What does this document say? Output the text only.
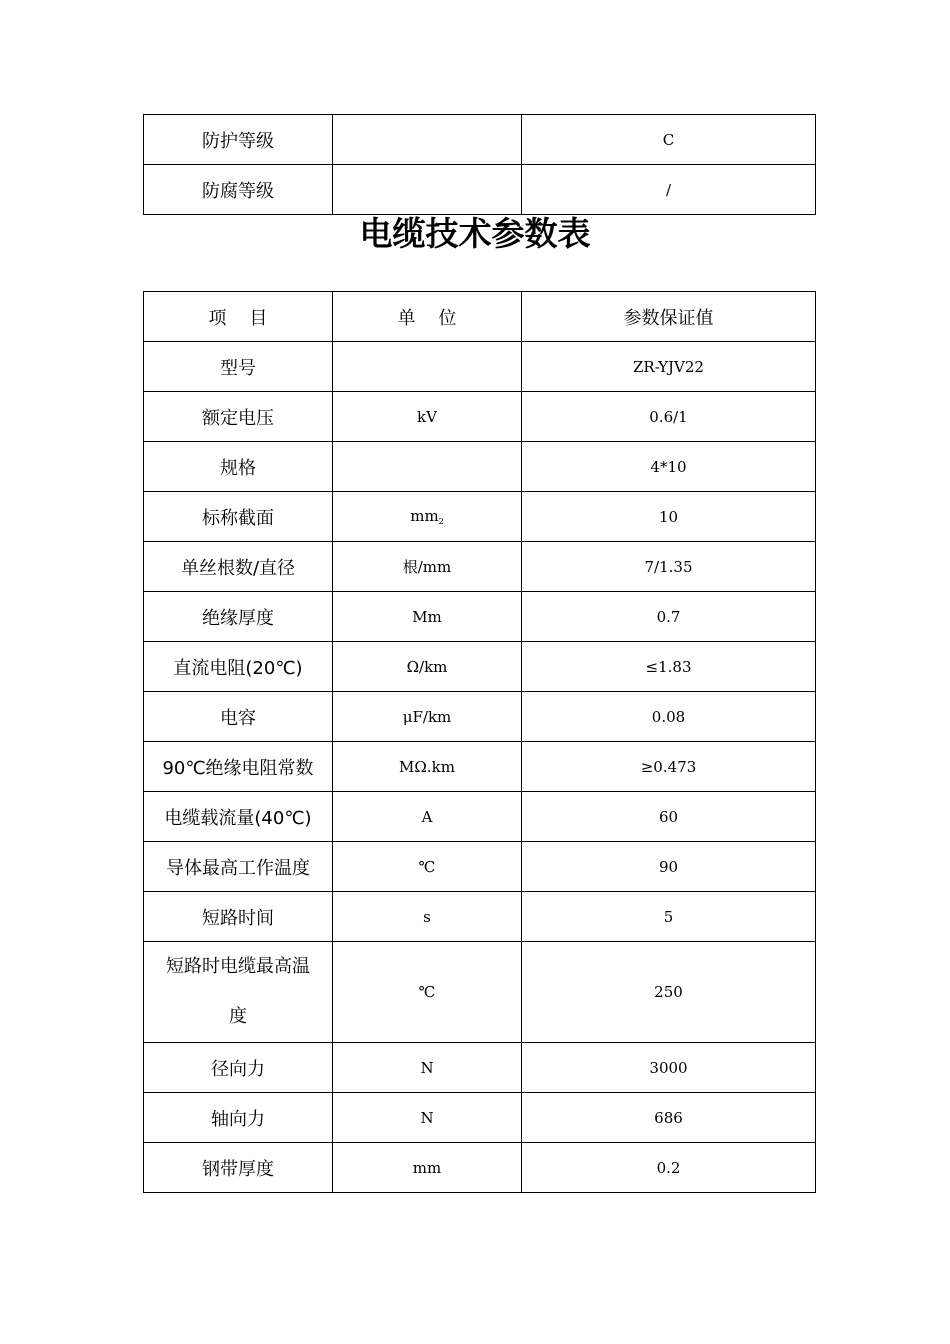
防护等级		C
防腐等级		/
电缆技术参数表
项    目	单    位	参数保证值
型号		ZR-YJV22
额定电压	kV	0.6/1
规格		4*10
标称截面	$mm_2$	10
单丝根数/直径	根/mm	7/1.35
绝缘厚度	Mm	0.7
直流电阻(20℃)	Ω/km	≤1.83
电容	μF/km	0.08
90℃绝缘电阻常数	MΩ.km	≥0.473
电缆载流量(40℃)	A	60
导体最高工作温度	℃	90
短路时间	s	5
短路时电缆最高温度	℃	250
径向力	N	3000
轴向力	N	686
钢带厚度	mm	0.2
